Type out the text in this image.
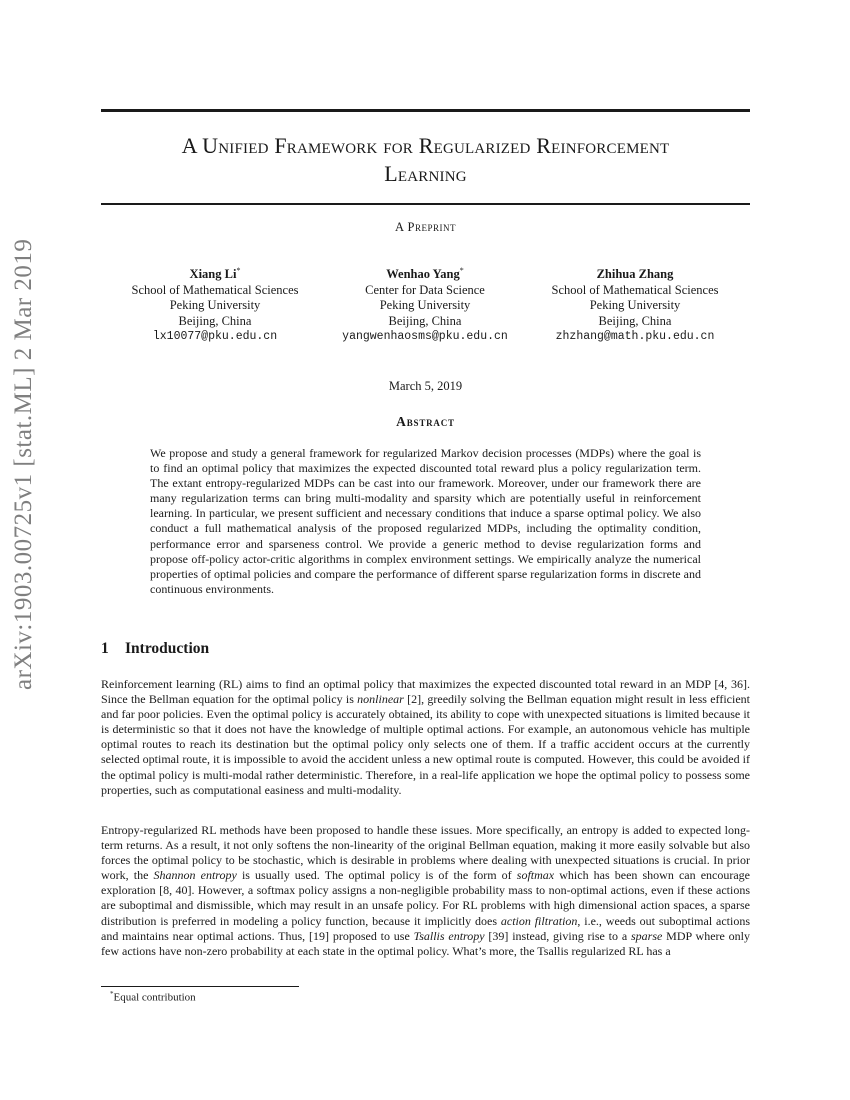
arXiv:1903.00725v1 [stat.ML] 2 Mar 2019
A Unified Framework for Regularized Reinforcement
Learning
A Preprint
Xiang Li*
School of Mathematical Sciences
Peking University
Beijing, China
lx10077@pku.edu.cn
Wenhao Yang*
Center for Data Science
Peking University
Beijing, China
yangwenhaosms@pku.edu.cn
Zhihua Zhang
School of Mathematical Sciences
Peking University
Beijing, China
zhzhang@math.pku.edu.cn
March 5, 2019
Abstract

We propose and study a general framework for regularized Markov decision processes (MDPs) where the goal is to find an optimal policy that maximizes the expected discounted total reward plus a policy regularization term. The extant entropy-regularized MDPs can be cast into our framework. Moreover, under our framework there are many regularization terms can bring multi-modality and sparsity which are potentially useful in reinforcement learning. In particular, we present sufficient and necessary conditions that induce a sparse optimal policy. We also conduct a full mathematical analysis of the proposed regularized MDPs, including the optimality condition, performance error and sparseness control. We provide a generic method to devise regularization forms and propose off-policy actor-critic algorithms in complex environment settings. We empirically analyze the numerical properties of optimal policies and compare the performance of different sparse regularization forms in discrete and continuous environments.

1 Introduction

Reinforcement learning (RL) aims to find an optimal policy that maximizes the expected discounted total reward in an MDP [4, 36]. Since the Bellman equation for the optimal policy is nonlinear [2], greedily solving the Bellman equation might result in less efficient and far poor policies. Even the optimal policy is accurately obtained, its ability to cope with unexpected situations is limited because it is deterministic so that it does not have the knowledge of multiple optimal actions. For example, an autonomous vehicle has multiple optimal routes to reach its destination but the optimal policy only selects one of them. If a traffic accident occurs at the currently selected optimal route, it is impossible to avoid the accident unless a new optimal route is computed. However, this could be avoided if the optimal policy is multi-modal rather deterministic. Therefore, in a real-life application we hope the optimal policy to possess some properties, such as computational easiness and multi-modality.

Entropy-regularized RL methods have been proposed to handle these issues. More specifically, an entropy is added to expected long-term returns. As a result, it not only softens the non-linearity of the original Bellman equation, making it more easily solvable but also forces the optimal policy to be stochastic, which is desirable in problems where dealing with unexpected situations is crucial. In prior work, the Shannon entropy is usually used. The optimal policy is of the form of softmax which has been shown can encourage exploration [8, 40]. However, a softmax policy assigns a non-negligible probability mass to non-optimal actions, even if these actions are suboptimal and dismissible, which may result in an unsafe policy. For RL problems with high dimensional action spaces, a sparse distribution is preferred in modeling a policy function, because it implicitly does action filtration, i.e., weeds out suboptimal actions and maintains near optimal actions. Thus, [19] proposed to use Tsallis entropy [39] instead, giving rise to a sparse MDP where only few actions have non-zero probability at each state in the optimal policy. What’s more, the Tsallis regularized RL has a

*Equal contribution
